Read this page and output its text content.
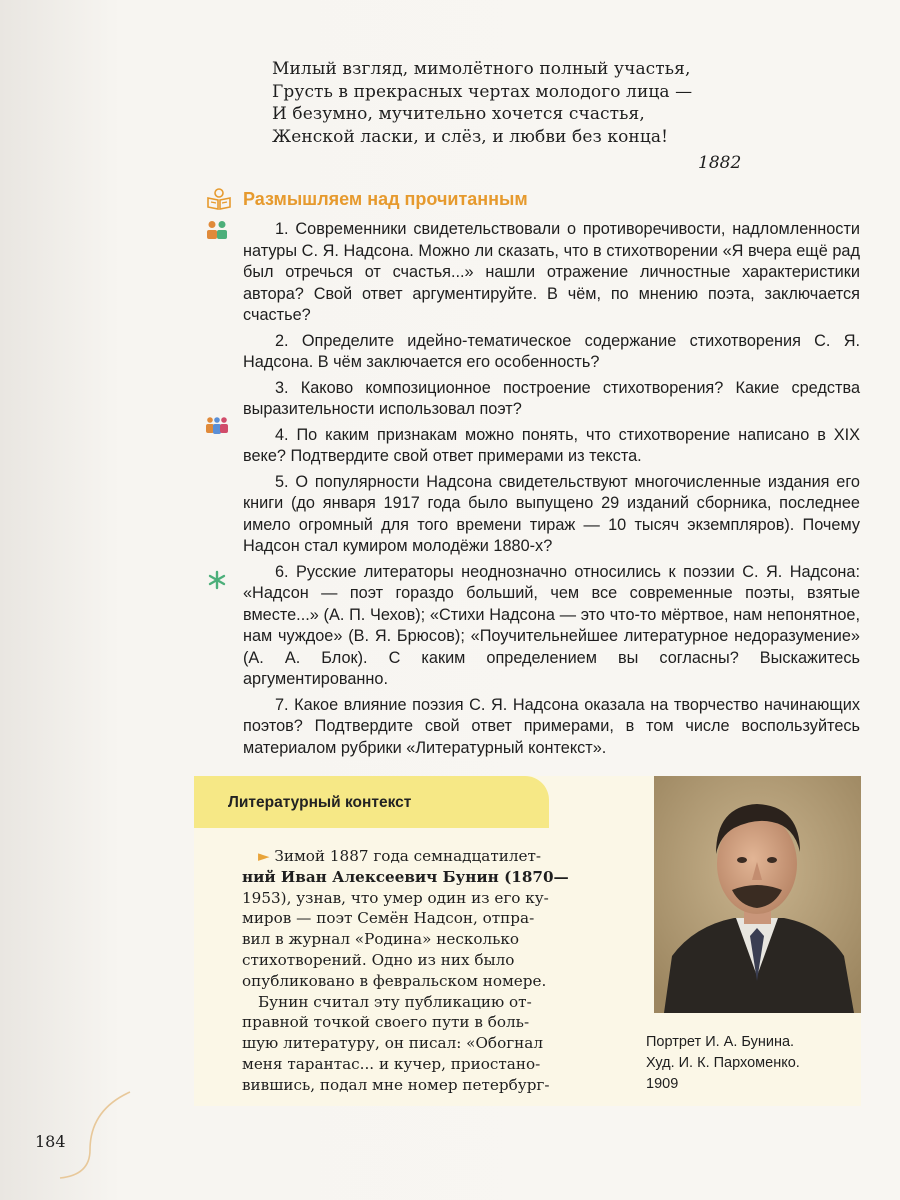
Милый взгляд, мимолётного полный участья,
Грусть в прекрасных чертах молодого лица —
И безумно, мучительно хочется счастья,
Женской ласки, и слёз, и любви без конца!
1882
Размышляем над прочитанным

1. Современники свидетельствовали о противоречивости, надломленности натуры С. Я. Надсона. Можно ли сказать, что в стихотворении «Я вчера ещё рад был отречься от счастья...» нашли отражение личностные характеристики автора? Свой ответ аргументируйте. В чём, по мнению поэта, заключается счастье?

2. Определите идейно-тематическое содержание стихотворения С. Я. Надсона. В чём заключается его особенность?

3. Каково композиционное построение стихотворения? Какие средства выразительности использовал поэт?

4. По каким признакам можно понять, что стихотворение написано в XIX веке? Подтвердите свой ответ примерами из текста.

5. О популярности Надсона свидетельствуют многочисленные издания его книги (до января 1917 года было выпущено 29 изданий сборника, последнее имело огромный для того времени тираж — 10 тысяч экземпляров). Почему Надсон стал кумиром молодёжи 1880-х?

6. Русские литераторы неоднозначно относились к поэзии С. Я. Надсона: «Надсон — поэт гораздо больший, чем все современные поэты, взятые вместе...» (А. П. Чехов); «Стихи Надсона — это что-то мёртвое, нам непонятное, нам чуждое» (В. Я. Брюсов); «Поучительнейшее литературное недоразумение» (А. А. Блок). С каким определением вы согласны? Выскажитесь аргументированно.

7. Какое влияние поэзия С. Я. Надсона оказала на творчество начинающих поэтов? Подтвердите свой ответ примерами, в том числе воспользуйтесь материалом рубрики «Литературный контекст».

Литературный контекст
► Зимой 1887 года семнадцатилет-
ний Иван Алексеевич Бунин (1870—
1953), узнав, что умер один из его ку-
миров — поэт Семён Надсон, отпра-
вил в журнал «Родина» несколько
стихотворений. Одно из них было
опубликовано в февральском номере.
Бунин считал эту публикацию от-
правной точкой своего пути в боль-
шую литературу, он писал: «Обогнал
меня тарантас... и кучер, приостано-
вившись, подал мне номер петербург-
Портрет И. А. Бунина.
Худ. И. К. Пархоменко.
1909
184
